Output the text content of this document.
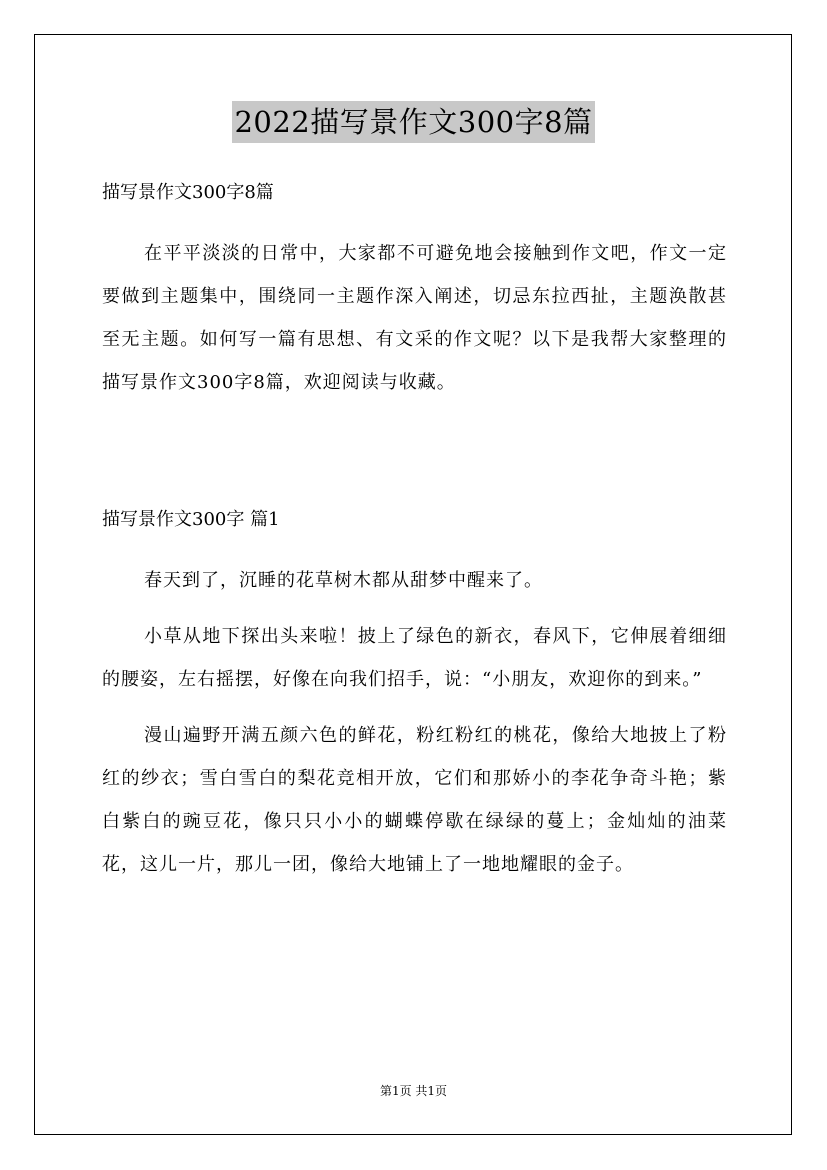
2022描写景作文300字8篇
描写景作文300字8篇
在平平淡淡的日常中，大家都不可避免地会接触到作文吧，作文一定要做到主题集中，围绕同一主题作深入阐述，切忌东拉西扯，主题涣散甚至无主题。如何写一篇有思想、有文采的作文呢？以下是我帮大家整理的描写景作文300字8篇，欢迎阅读与收藏。
描写景作文300字 篇1

春天到了，沉睡的花草树木都从甜梦中醒来了。

小草从地下探出头来啦！披上了绿色的新衣，春风下，它伸展着细细的腰姿，左右摇摆，好像在向我们招手，说：“小朋友，欢迎你的到来。”

漫山遍野开满五颜六色的鲜花，粉红粉红的桃花，像给大地披上了粉红的纱衣；雪白雪白的梨花竞相开放，它们和那娇小的李花争奇斗艳；紫白紫白的豌豆花，像只只小小的蝴蝶停歇在绿绿的蔓上；金灿灿的油菜花，这儿一片，那儿一团，像给大地铺上了一地地耀眼的金子。

第1页 共1页
